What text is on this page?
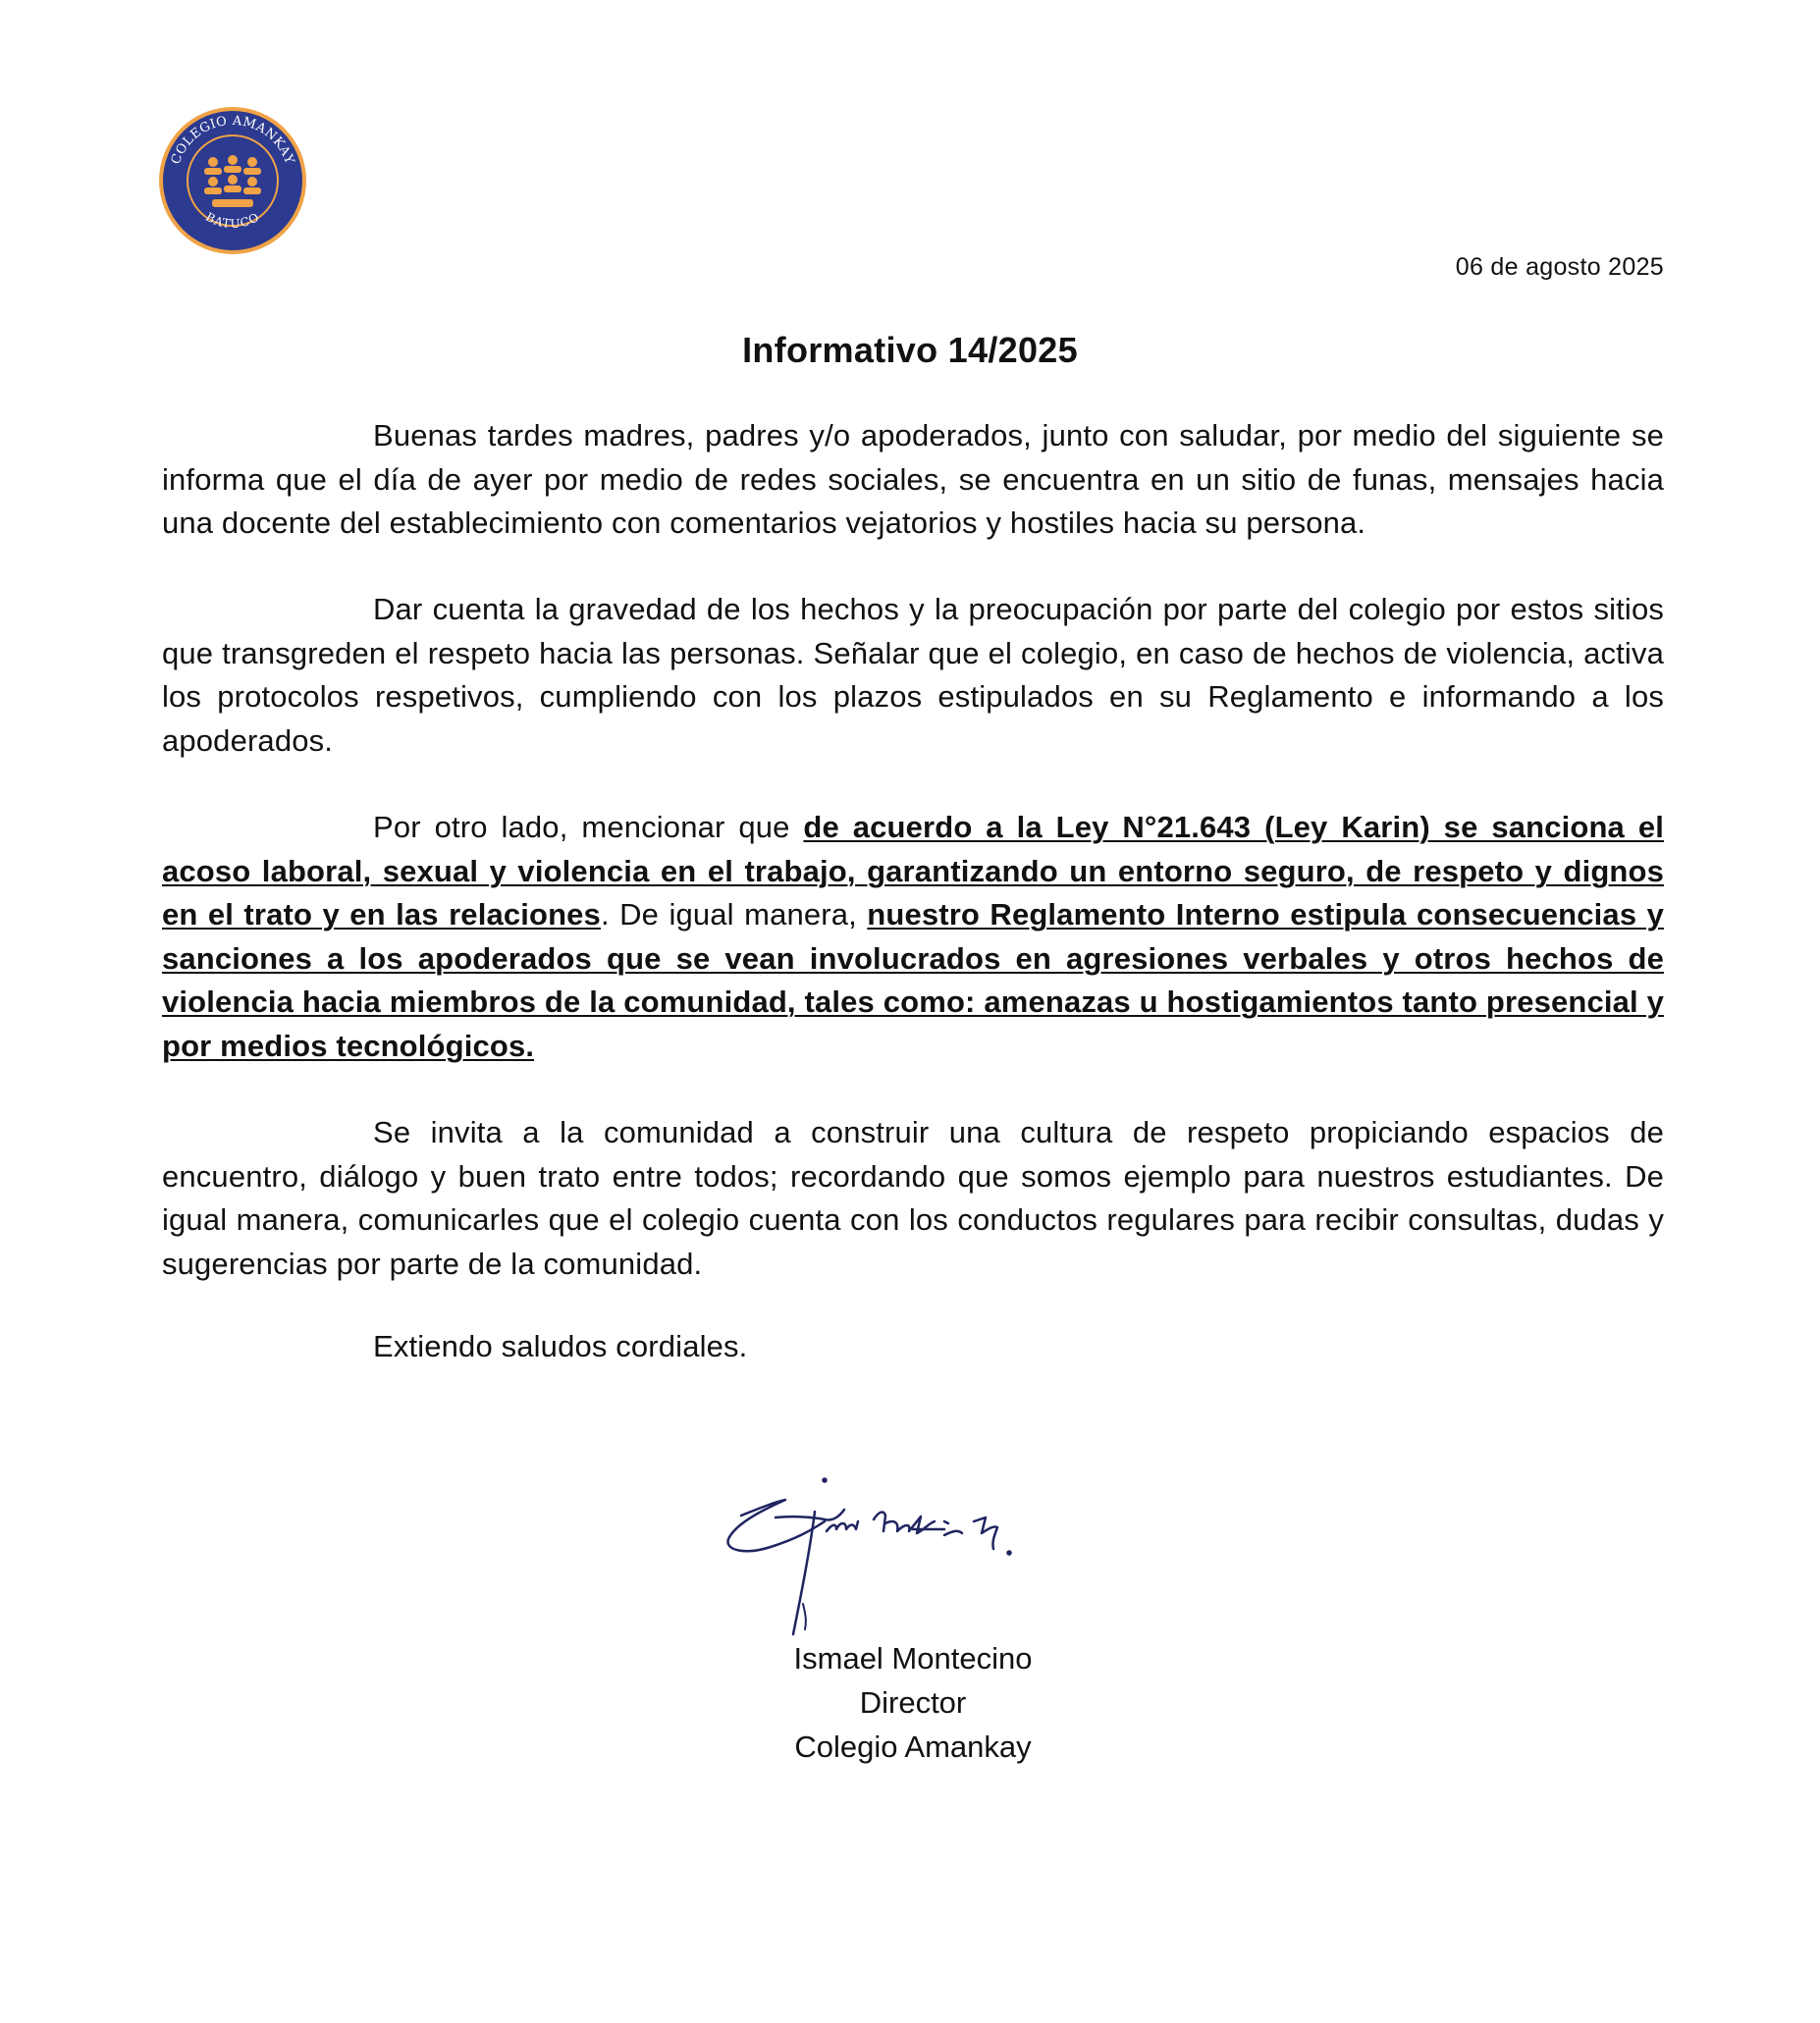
COLEGIO AMANKAY
BATUCO
06 de agosto 2025
Informativo 14/2025
Buenas tardes madres, padres y/o apoderados, junto con saludar, por medio del siguiente se informa que el día de ayer por medio de redes sociales, se encuentra en un sitio de funas, mensajes hacia una docente del establecimiento con comentarios vejatorios y hostiles hacia su persona.
Dar cuenta la gravedad de los hechos y la preocupación por parte del colegio por estos sitios que transgreden el respeto hacia las personas. Señalar que el colegio, en caso de hechos de violencia, activa los protocolos respetivos, cumpliendo con los plazos estipulados en su Reglamento e informando a los apoderados.
Por otro lado, mencionar que de acuerdo a la Ley N°21.643 (Ley Karin) se sanciona el acoso laboral, sexual y violencia en el trabajo, garantizando un entorno seguro, de respeto y dignos en el trato y en las relaciones. De igual manera, nuestro Reglamento Interno estipula consecuencias y sanciones a los apoderados que se vean involucrados en agresiones verbales y otros hechos de violencia hacia miembros de la comunidad, tales como: amenazas u hostigamientos tanto presencial y por medios tecnológicos.
Se invita a la comunidad a construir una cultura de respeto propiciando espacios de encuentro, diálogo y buen trato entre todos; recordando que somos ejemplo para nuestros estudiantes. De igual manera, comunicarles que el colegio cuenta con los conductos regulares para recibir consultas, dudas y sugerencias por parte de la comunidad.
Extiendo saludos cordiales.
Ismael Montecino
Director
Colegio Amankay
